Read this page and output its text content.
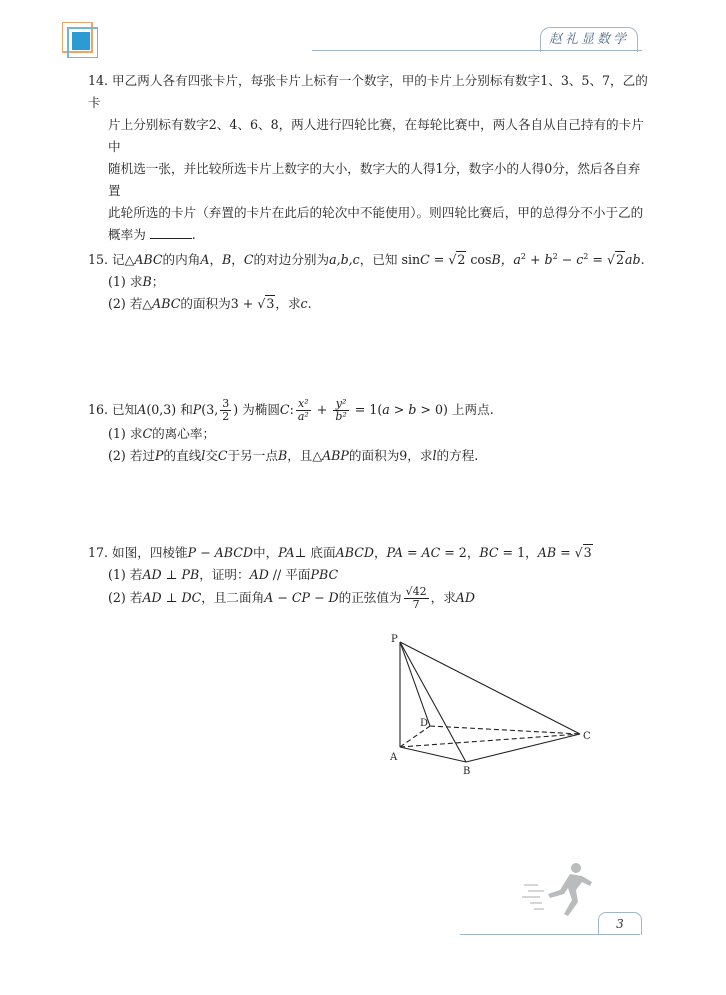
赵礼显数学

14. 甲乙两人各有四张卡片，每张卡片上标有一个数字，甲的卡片上分别标有数字1、3、5、7，乙的卡

片上分别标有数字2、4、6、8，两人进行四轮比赛，在每轮比赛中，两人各自从自己持有的卡片中

随机选一张，并比较所选卡片上数字的大小，数字大的人得1分，数字小的人得0分，然后各自弃置

此轮所选的卡片（弃置的卡片在此后的轮次中不能使用）。则四轮比赛后，甲的总得分不小于乙的

概率为	.

15. 记△ABC的内角A，B，C的对边分别为a,b,c，已知 sinC = √2 cosB，$a^2 + b^2 - c^2 = √2ab$.

(1) 求B；

(2) 若△ABC的面积为3 + √3，求c.

16. 已知A(0,3) 和P(3, $\frac{3}{2}$ ) 为椭圆C: $\frac{\text{x²}}{\text{a²}} + \frac{\text{y²}}{\text{b²}} = 1(a > b > 0)$ 上两点.

(1) 求C的离心率；

(2) 若过P的直线l交C于另一点B，且△ABP的面积为9，求l的方程.

17. 如图，四棱锥P − ABCD中，PA⊥ 底面ABCD，PA = AC = 2，BC = 1，AB = √3

(1) 若AD ⊥ PB，证明：AD // 平面PBC

(2) 若AD ⊥ DC，且二面角A − CP − D的正弦值为 $\frac{√42}{7}$ ，求AD

P
A
B
C
D
3
